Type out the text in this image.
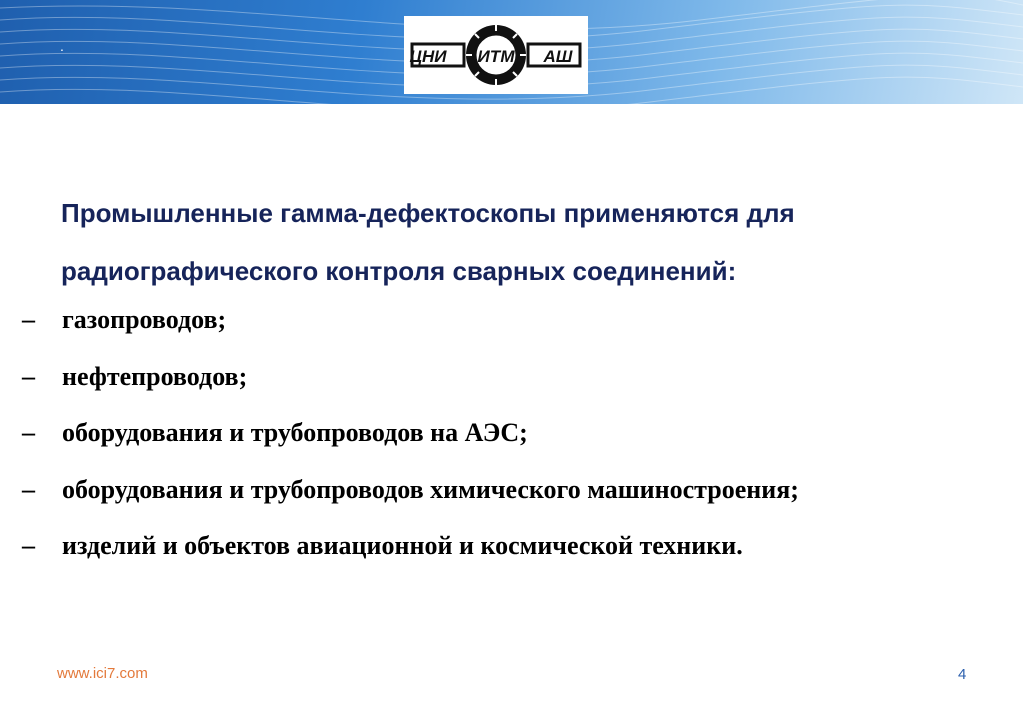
.
ЦНИ ИТМ АШ
Промышленные гамма-дефектоскопы применяются для
радиографического контроля сварных соединений:
– газопроводов;
– нефтепроводов;
– оборудования и трубопроводов на АЭС;
– оборудования и трубопроводов химического машиностроения;
– изделий и объектов авиационной и космической техники.
www.ici7.com	4
